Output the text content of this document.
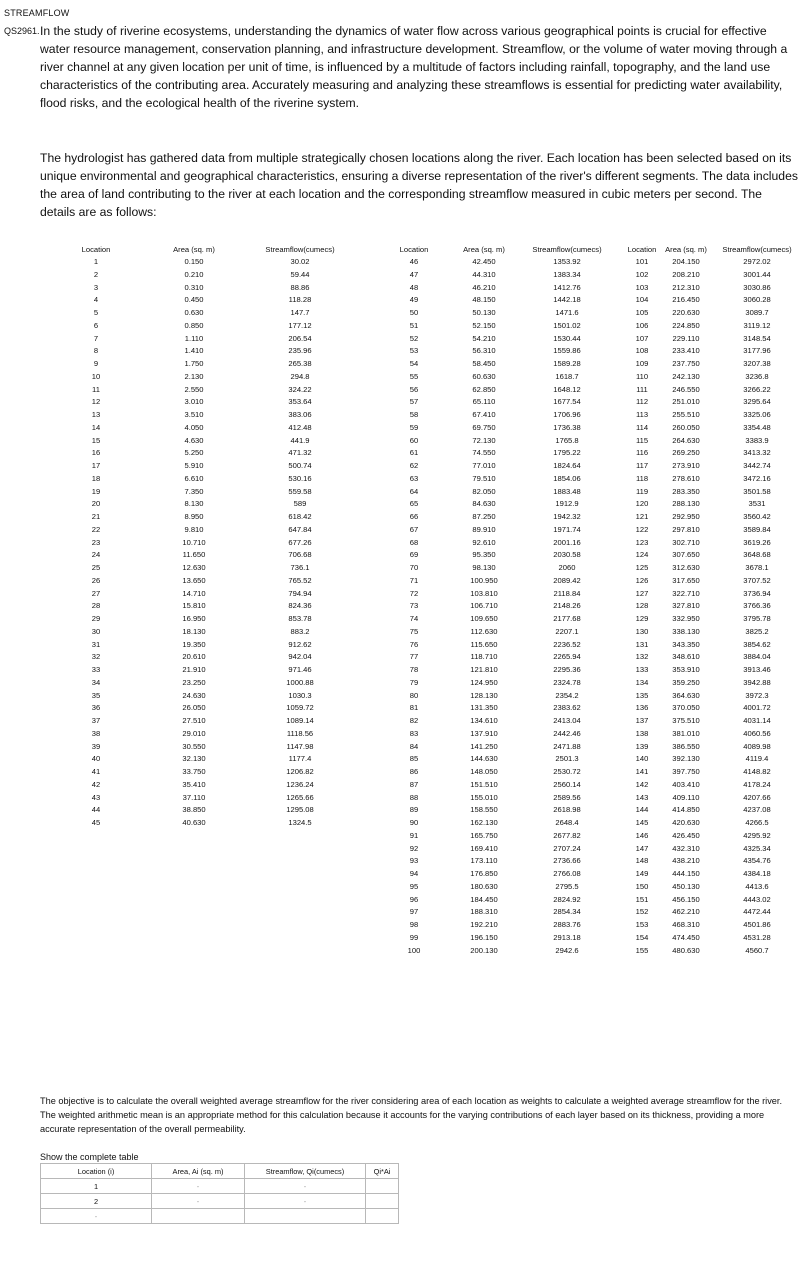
STREAMFLOW
QS2961. In the study of riverine ecosystems, understanding the dynamics of water flow across various geographical points is crucial for effective water resource management, conservation planning, and infrastructure development. Streamflow, or the volume of water moving through a river channel at any given location per unit of time, is influenced by a multitude of factors including rainfall, topography, and the land use characteristics of the contributing area. Accurately measuring and analyzing these streamflows is essential for predicting water availability, flood risks, and the ecological health of the riverine system.
The hydrologist has gathered data from multiple strategically chosen locations along the river. Each location has been selected based on its unique environmental and geographical characteristics, ensuring a diverse representation of the river's different segments. The data includes the area of land contributing to the river at each location and the corresponding streamflow measured in cubic meters per second. The details are as follows:
Location	Area (sq. m)	Streamflow(cumecs)
1	0.150	30.02
2	0.210	59.44
3	0.310	88.86
4	0.450	118.28
5	0.630	147.7
6	0.850	177.12
7	1.110	206.54
8	1.410	235.96
9	1.750	265.38
10	2.130	294.8
11	2.550	324.22
12	3.010	353.64
13	3.510	383.06
14	4.050	412.48
15	4.630	441.9
16	5.250	471.32
17	5.910	500.74
18	6.610	530.16
19	7.350	559.58
20	8.130	589
21	8.950	618.42
22	9.810	647.84
23	10.710	677.26
24	11.650	706.68
25	12.630	736.1
26	13.650	765.52
27	14.710	794.94
28	15.810	824.36
29	16.950	853.78
30	18.130	883.2
31	19.350	912.62
32	20.610	942.04
33	21.910	971.46
34	23.250	1000.88
35	24.630	1030.3
36	26.050	1059.72
37	27.510	1089.14
38	29.010	1118.56
39	30.550	1147.98
40	32.130	1177.4
41	33.750	1206.82
42	35.410	1236.24
43	37.110	1265.66
44	38.850	1295.08
45	40.630	1324.5
Location	Area (sq. m)	Streamflow(cumecs)
46	42.450	1353.92
47	44.310	1383.34
48	46.210	1412.76
49	48.150	1442.18
50	50.130	1471.6
51	52.150	1501.02
52	54.210	1530.44
53	56.310	1559.86
54	58.450	1589.28
55	60.630	1618.7
56	62.850	1648.12
57	65.110	1677.54
58	67.410	1706.96
59	69.750	1736.38
60	72.130	1765.8
61	74.550	1795.22
62	77.010	1824.64
63	79.510	1854.06
64	82.050	1883.48
65	84.630	1912.9
66	87.250	1942.32
67	89.910	1971.74
68	92.610	2001.16
69	95.350	2030.58
70	98.130	2060
71	100.950	2089.42
72	103.810	2118.84
73	106.710	2148.26
74	109.650	2177.68
75	112.630	2207.1
76	115.650	2236.52
77	118.710	2265.94
78	121.810	2295.36
79	124.950	2324.78
80	128.130	2354.2
81	131.350	2383.62
82	134.610	2413.04
83	137.910	2442.46
84	141.250	2471.88
85	144.630	2501.3
86	148.050	2530.72
87	151.510	2560.14
88	155.010	2589.56
89	158.550	2618.98
90	162.130	2648.4
91	165.750	2677.82
92	169.410	2707.24
93	173.110	2736.66
94	176.850	2766.08
95	180.630	2795.5
96	184.450	2824.92
97	188.310	2854.34
98	192.210	2883.76
99	196.150	2913.18
100	200.130	2942.6
Location Area (sq. m) Streamflow(cumecs)
101	204.150	2972.02
102	208.210	3001.44
103	212.310	3030.86
104	216.450	3060.28
105	220.630	3089.7
106	224.850	3119.12
107	229.110	3148.54
108	233.410	3177.96
109	237.750	3207.38
110	242.130	3236.8
111	246.550	3266.22
112	251.010	3295.64
113	255.510	3325.06
114	260.050	3354.48
115	264.630	3383.9
116	269.250	3413.32
117	273.910	3442.74
118	278.610	3472.16
119	283.350	3501.58
120	288.130	3531
121	292.950	3560.42
122	297.810	3589.84
123	302.710	3619.26
124	307.650	3648.68
125	312.630	3678.1
126	317.650	3707.52
127	322.710	3736.94
128	327.810	3766.36
129	332.950	3795.78
130	338.130	3825.2
131	343.350	3854.62
132	348.610	3884.04
133	353.910	3913.46
134	359.250	3942.88
135	364.630	3972.3
136	370.050	4001.72
137	375.510	4031.14
138	381.010	4060.56
139	386.550	4089.98
140	392.130	4119.4
141	397.750	4148.82
142	403.410	4178.24
143	409.110	4207.66
144	414.850	4237.08
145	420.630	4266.5
146	426.450	4295.92
147	432.310	4325.34
148	438.210	4354.76
149	444.150	4384.18
150	450.130	4413.6
151	456.150	4443.02
152	462.210	4472.44
153	468.310	4501.86
154	474.450	4531.28
155	480.630	4560.7
The objective is to calculate the overall weighted average streamflow for the river considering area of each location as weights to calculate a weighted average streamflow for the river. The weighted arithmetic mean is an appropriate method for this calculation because it accounts for the varying contributions of each layer based on its thickness, providing a more accurate representation of the overall permeability.
Show the complete table
Location (i)	Area, Ai (sq. m)	Streamflow, Qi(cumecs)	Qi*Ai
1	-	-	
2	-	-	
-			
